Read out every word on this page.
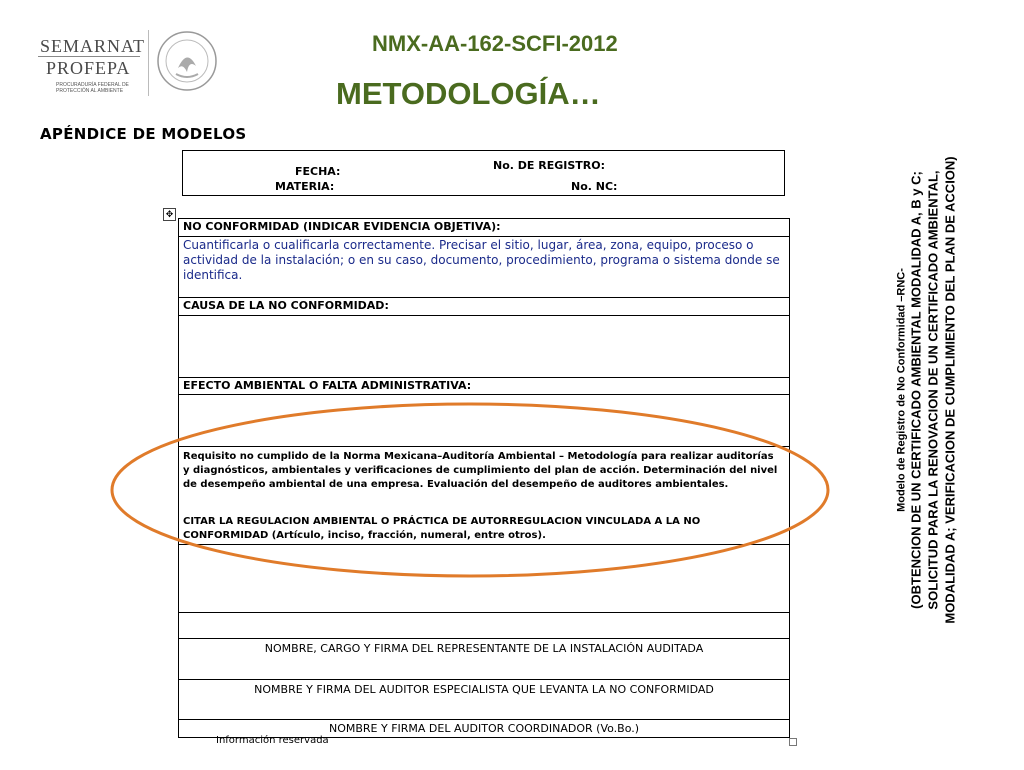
SEMARNAT
PROFEPA
PROCURADURÍA FEDERAL DE PROTECCIÓN AL AMBIENTE
NMX-AA-162-SCFI-2012
METODOLOGÍA…
APÉNDICE DE MODELOS
FECHA:
MATERIA:
No. DE REGISTRO:
No. NC:
✥
NO CONFORMIDAD (INDICAR EVIDENCIA OBJETIVA):
Cuantificarla o cualificarla correctamente. Precisar el sitio, lugar, área, zona, equipo, proceso o actividad de la instalación; o en su caso, documento, procedimiento, programa o sistema donde se identifica.
CAUSA DE LA NO CONFORMIDAD:
EFECTO AMBIENTAL O FALTA ADMINISTRATIVA:
Requisito no cumplido de la Norma Mexicana–Auditoría Ambiental – Metodología para realizar auditorías y diagnósticos, ambientales y verificaciones de cumplimiento del plan de acción. Determinación del nivel de desempeño ambiental de una empresa. Evaluación del desempeño de auditores ambientales.
CITAR LA REGULACION AMBIENTAL O PRÁCTICA DE AUTORREGULACION VINCULADA A LA NO CONFORMIDAD (Artículo, inciso, fracción, numeral, entre otros).
NOMBRE, CARGO Y FIRMA DEL REPRESENTANTE DE LA INSTALACIÓN AUDITADA
NOMBRE Y FIRMA DEL AUDITOR ESPECIALISTA QUE LEVANTA LA NO CONFORMIDAD
NOMBRE Y FIRMA DEL AUDITOR COORDINADOR (Vo.Bo.)
Información reservada
Modelo de Registro de No Conformidad –RNC- (OBTENCION DE UN CERTIFICADO AMBIENTAL MODALIDAD A, B y C; SOLICITUD PARA LA RENOVACION DE UN CERTIFICADO AMBIENTAL, MODALIDAD A; VERIFICACION DE CUMPLIMIENTO DEL PLAN DE ACCION)
